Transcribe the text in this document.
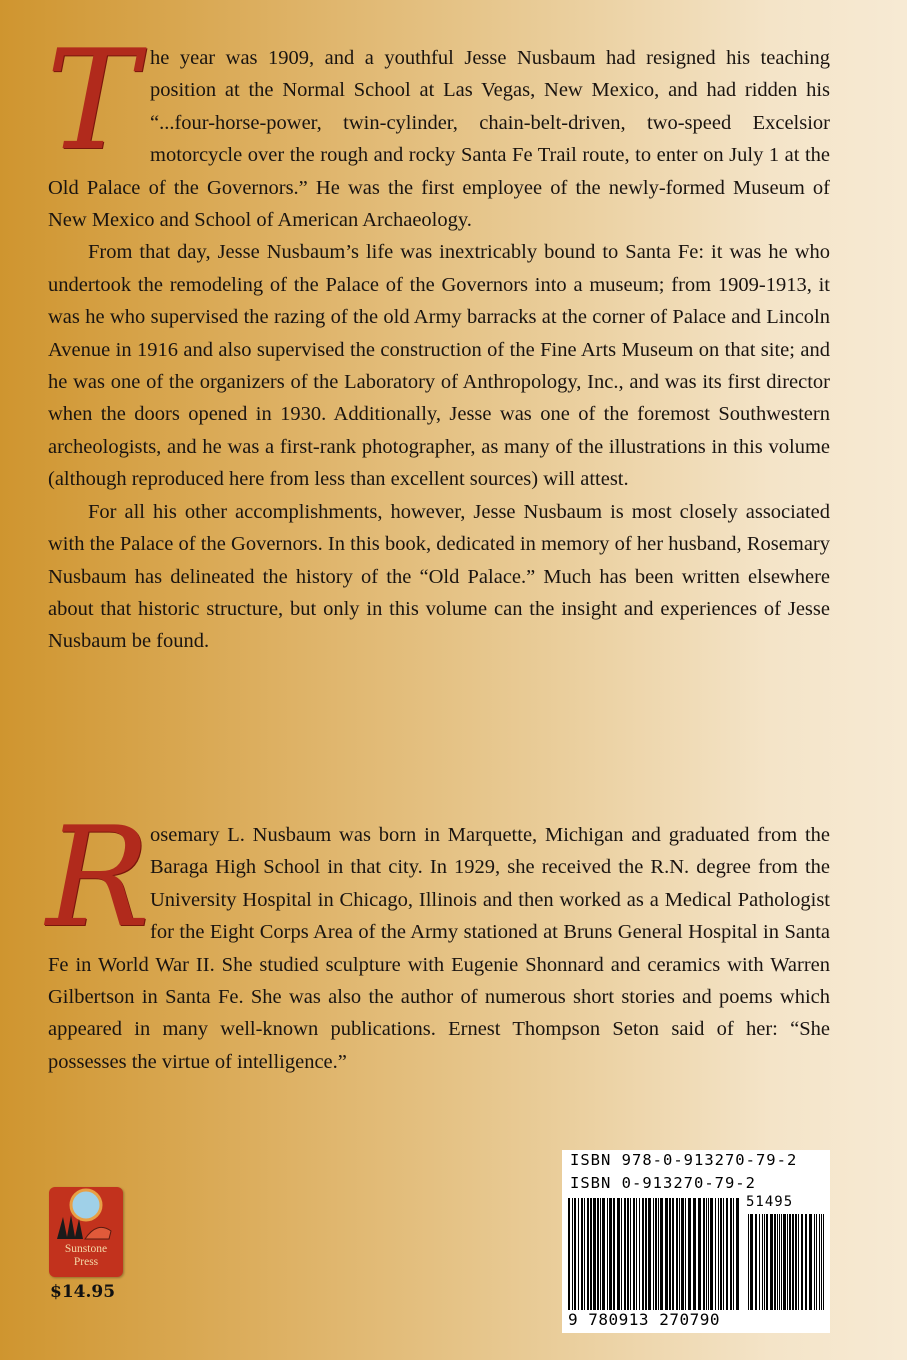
T he year was 1909, and a youthful Jesse Nusbaum had resigned his teaching position at the Normal School at Las Vegas, New Mexico, and had ridden his “...four-horse-power, twin-cylinder, chain-belt-driven, two-speed Excelsior motorcycle over the rough and rocky Santa Fe Trail route, to enter on July 1 at the Old Palace of the Governors.” He was the first employee of the newly-formed Museum of New Mexico and School of American Archaeology.

From that day, Jesse Nusbaum’s life was inextricably bound to Santa Fe: it was he who undertook the remodeling of the Palace of the Governors into a museum; from 1909-1913, it was he who supervised the razing of the old Army barracks at the corner of Palace and Lincoln Avenue in 1916 and also supervised the construction of the Fine Arts Museum on that site; and he was one of the organizers of the Laboratory of Anthropology, Inc., and was its first director when the doors opened in 1930. Additionally, Jesse was one of the foremost Southwestern archeologists, and he was a first-rank photographer, as many of the illustrations in this volume (although reproduced here from less than excellent sources) will attest.

For all his other accomplishments, however, Jesse Nusbaum is most closely associated with the Palace of the Governors. In this book, dedicated in memory of her husband, Rosemary Nusbaum has delineated the history of the “Old Palace.” Much has been written elsewhere about that historic structure, but only in this volume can the insight and experiences of Jesse Nusbaum be found.

R osemary L. Nusbaum was born in Marquette, Michigan and graduated from the Baraga High School in that city. In 1929, she received the R.N. degree from the University Hospital in Chicago, Illinois and then worked as a Medical Pathologist for the Eight Corps Area of the Army stationed at Bruns General Hospital in Santa Fe in World War II. She studied sculpture with Eugenie Shonnard and ceramics with Warren Gilbertson in Santa Fe. She was also the author of numerous short stories and poems which appeared in many well-known publications. Ernest Thompson Seton said of her: “She possesses the virtue of intelligence.”

Sunstone
Press
$14.95
ISBN 978-0-913270-79-2
ISBN 0-913270-79-2
51495
9 780913 270790
